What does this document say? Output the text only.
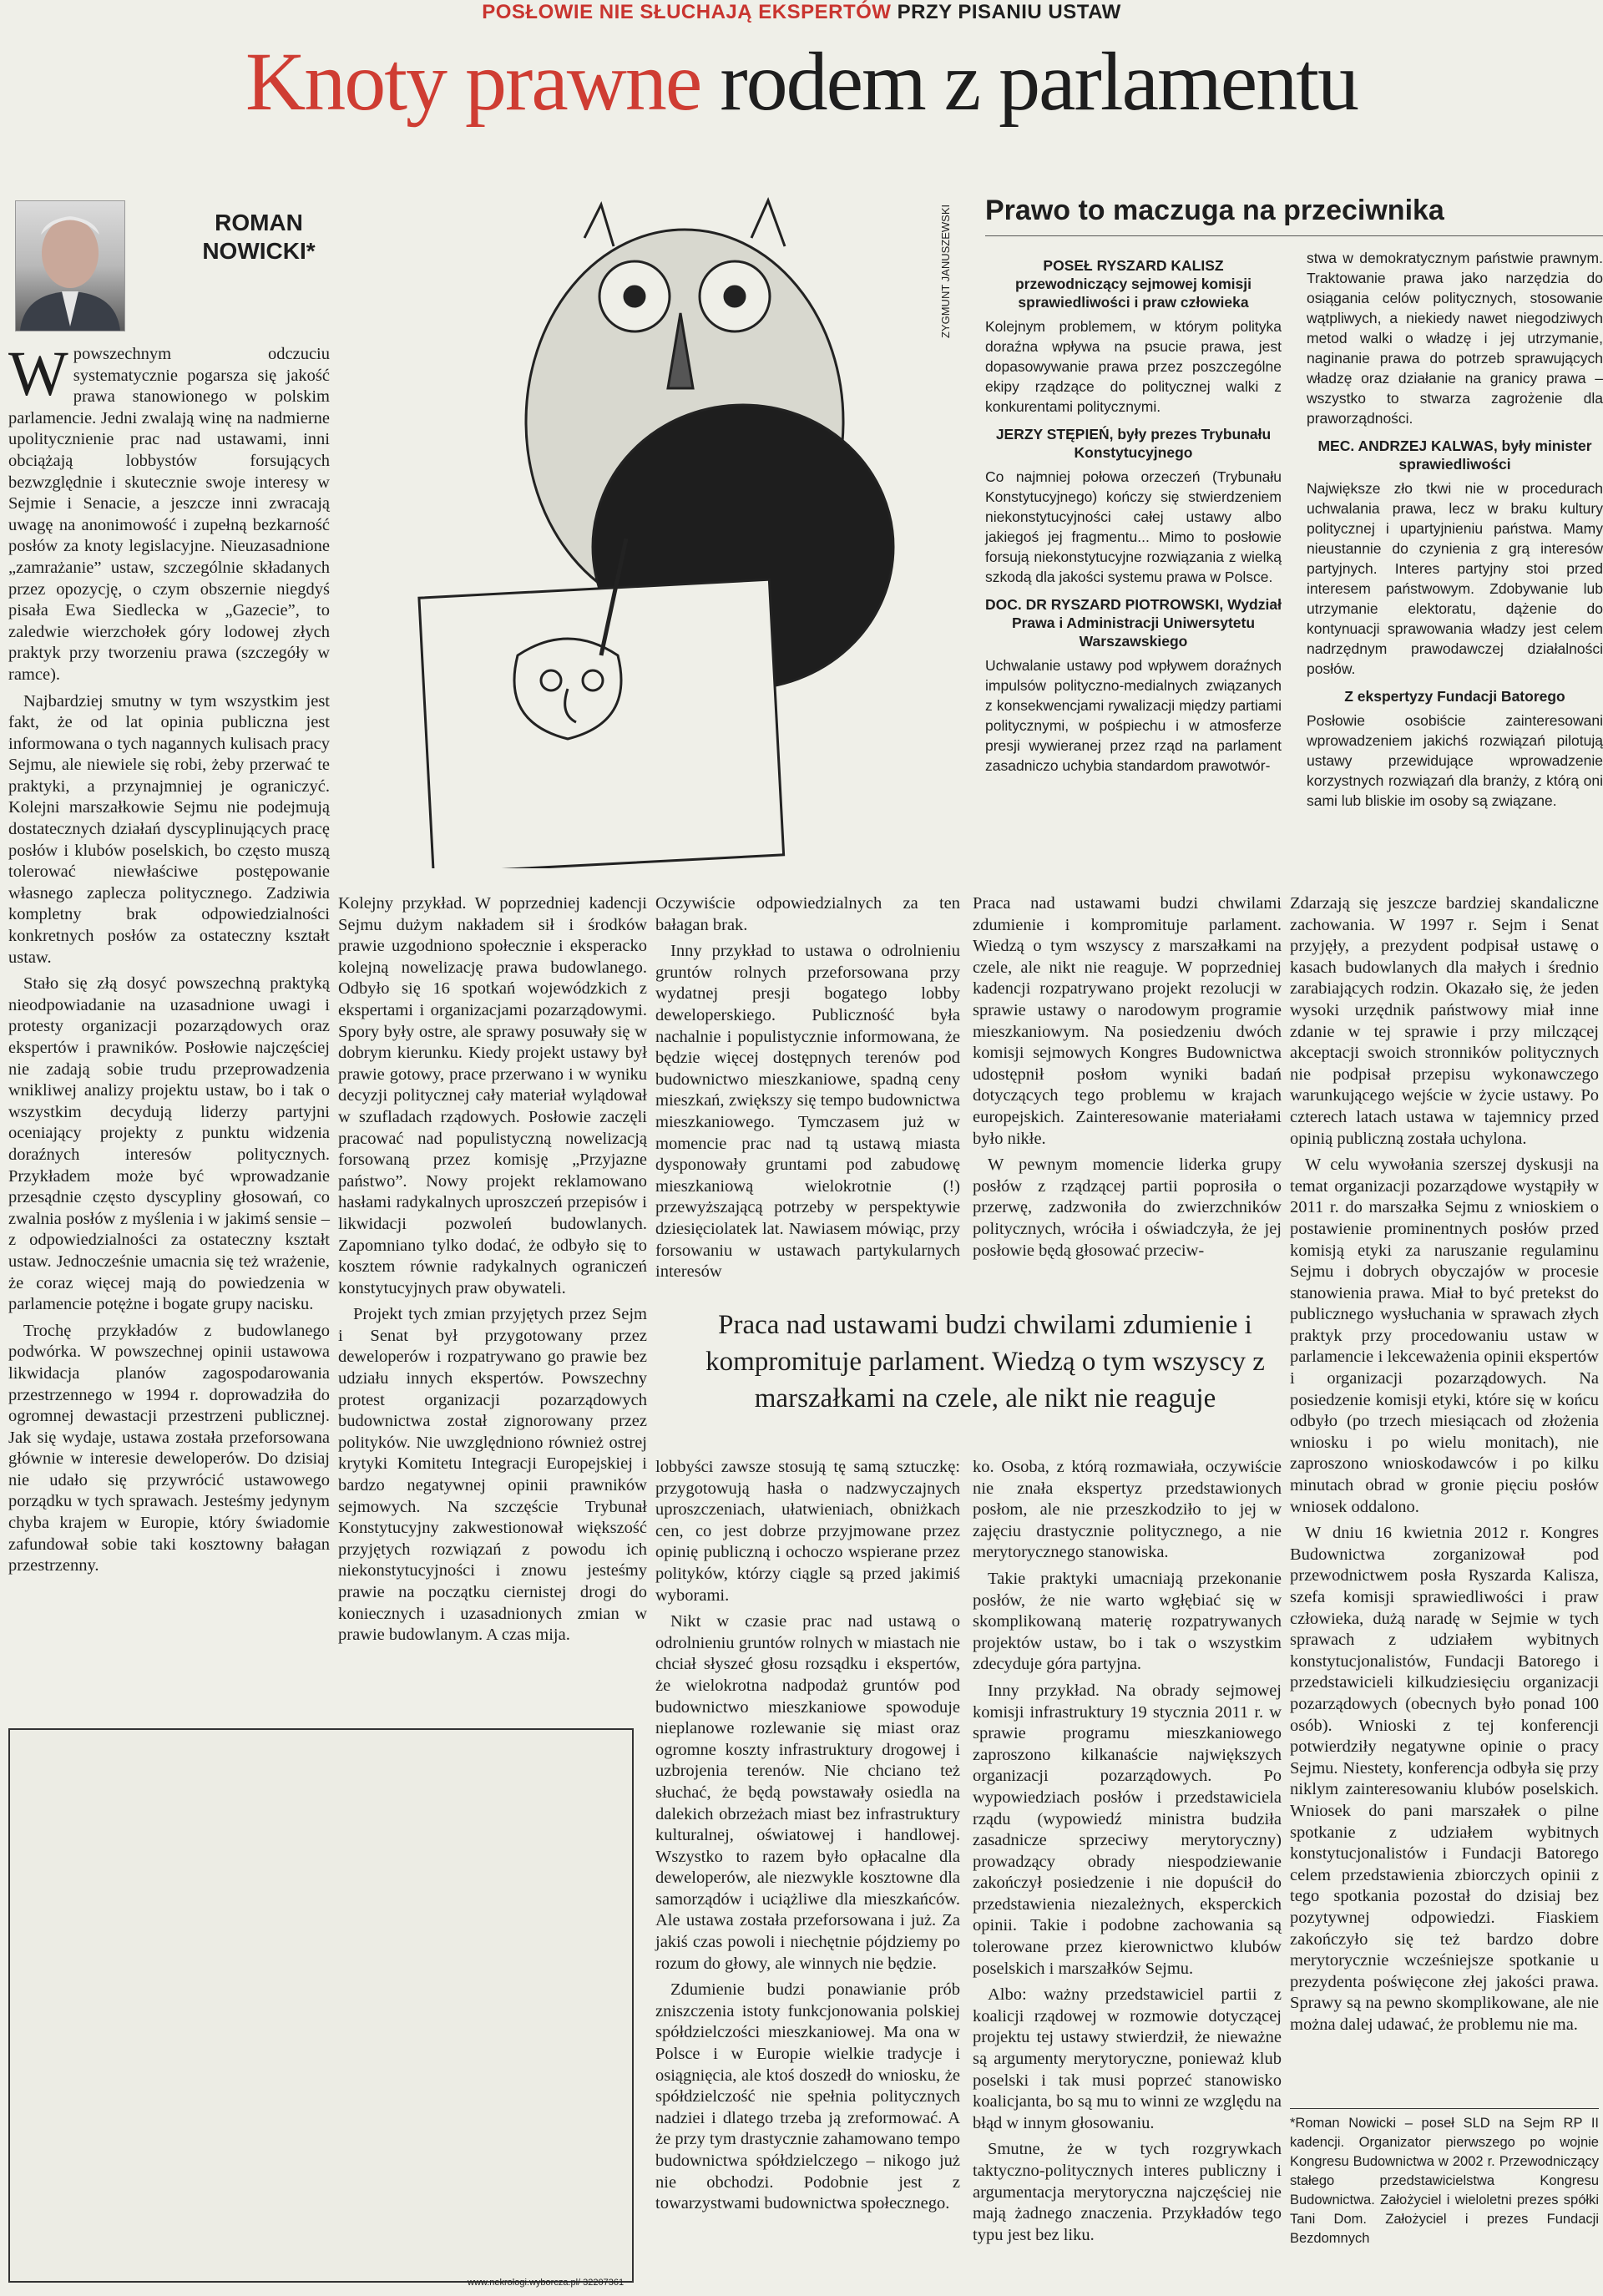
POSŁOWIE NIE SŁUCHAJĄ EKSPERTÓW PRZY PISANIU USTAW
Knoty prawne rodem z parlamentu
ROMAN NOWICKI*

Wpowszechnym odczuciu systematycznie pogarsza się jakość prawa stanowionego w polskim parlamencie. Jedni zwalają winę na nadmierne upolitycznienie prac nad ustawami, inni obciążają lobbystów forsujących bezwzględnie i skutecznie swoje interesy w Sejmie i Senacie, a jeszcze inni zwracają uwagę na anonimowość i zupełną bezkarność posłów za knoty legislacyjne. Nieuzasadnione „zamrażanie” ustaw, szczególnie składanych przez opozycję, o czym obszernie niegdyś pisała Ewa Siedlecka w „Gazecie”, to zaledwie wierzchołek góry lodowej złych praktyk przy tworzeniu prawa (szczegóły w ramce).

Najbardziej smutny w tym wszystkim jest fakt, że od lat opinia publiczna jest informowana o tych nagannych kulisach pracy Sejmu, ale niewiele się robi, żeby przerwać te praktyki, a przynajmniej je ograniczyć. Kolejni marszałkowie Sejmu nie podejmują dostatecznych działań dyscyplinujących pracę posłów i klubów poselskich, bo często muszą tolerować niewłaściwe postępowanie własnego zaplecza politycznego. Zadziwia kompletny brak odpowiedzialności konkretnych posłów za ostateczny kształt ustaw.

Stało się złą dosyć powszechną praktyką nieodpowiadanie na uzasadnione uwagi i protesty organizacji pozarządowych oraz ekspertów i prawników. Posłowie najczęściej nie zadają sobie trudu przeprowadzenia wnikliwej analizy projektu ustaw, bo i tak o wszystkim decydują liderzy partyjni oceniający projekty z punktu widzenia doraźnych interesów politycznych. Przykładem może być wprowadzanie przesądnie często dyscypliny głosowań, co zwalnia posłów z myślenia i w jakimś sensie – z odpowiedzialności za ostateczny kształt ustaw. Jednocześnie umacnia się też wrażenie, że coraz więcej mają do powiedzenia w parlamencie potężne i bogate grupy nacisku.

Trochę przykładów z budowlanego podwórka. W powszechnej opinii ustawowa likwidacja planów zagospodarowania przestrzennego w 1994 r. doprowadziła do ogromnej dewastacji przestrzeni publicznej. Jak się wydaje, ustawa została przeforsowana głównie w interesie deweloperów. Do dzisiaj nie udało się przywrócić ustawowego porządku w tych sprawach. Jesteśmy jedynym chyba krajem w Europie, który świadomie zafundował sobie taki kosztowny bałagan przestrzenny.

ZYGMUNT JANUSZEWSKI Prawo to maczuga na przeciwnika
POSEŁ RYSZARD KALISZ przewodniczący sejmowej komisji sprawiedliwości i praw człowieka

Kolejnym problemem, w którym polityka doraźna wpływa na psucie prawa, jest dopasowywanie prawa przez poszczególne ekipy rządzące do politycznej walki z konkurentami politycznymi.

JERZY STĘPIEŃ, były prezes Trybunału Konstytucyjnego

Co najmniej połowa orzeczeń (Trybunału Konstytucyjnego) kończy się stwierdzeniem niekonstytucyjności całej ustawy albo jakiegoś jej fragmentu... Mimo to posłowie forsują niekonstytucyjne rozwiązania z wielką szkodą dla jakości systemu prawa w Polsce.

DOC. DR RYSZARD PIOTROWSKI, Wydział Prawa i Administracji Uniwersytetu Warszawskiego

Uchwalanie ustawy pod wpływem doraźnych impulsów polityczno-medialnych związanych z konsekwencjami rywalizacji między partiami politycznymi, w pośpiechu i w atmosferze presji wywieranej przez rząd na parlament zasadniczo uchybia standardom prawotwór-

stwa w demokratycznym państwie prawnym. Traktowanie prawa jako narzędzia do osiągania celów politycznych, stosowanie wątpliwych, a niekiedy nawet niegodziwych metod walki o władzę i jej utrzymanie, naginanie prawa do potrzeb sprawujących władzę oraz działanie na granicy prawa – wszystko to stwarza zagrożenie dla praworządności.

MEC. ANDRZEJ KALWAS, były minister sprawiedliwości

Największe zło tkwi nie w procedurach uchwalania prawa, lecz w braku kultury politycznej i upartyjnieniu państwa. Mamy nieustannie do czynienia z grą interesów partyjnych. Interes partyjny stoi przed interesem państwowym. Zdobywanie lub utrzymanie elektoratu, dążenie do kontynuacji sprawowania władzy jest celem nadrzędnym prawodawczej działalności posłów.

Z ekspertyzy Fundacji Batorego

Posłowie osobiście zainteresowani wprowadzeniem jakichś rozwiązań pilotują ustawy przewidujące wprowadzenie korzystnych rozwiązań dla branży, z którą oni sami lub bliskie im osoby są związane.

Kolejny przykład. W poprzedniej kadencji Sejmu dużym nakładem sił i środków prawie uzgodniono społecznie i eksperacko kolejną nowelizację prawa budowlanego. Odbyło się 16 spotkań wojewódzkich z ekspertami i organizacjami pozarządowymi. Spory były ostre, ale sprawy posuwały się w dobrym kierunku. Kiedy projekt ustawy był prawie gotowy, prace przerwano i w wyniku decyzji politycznej cały materiał wylądował w szufladach rządowych. Posłowie zaczęli pracować nad populistyczną nowelizacją forsowaną przez komisję „Przyjazne państwo”. Nowy projekt reklamowano hasłami radykalnych uproszczeń przepisów i likwidacji pozwoleń budowlanych. Zapomniano tylko dodać, że odbyło się to kosztem równie radykalnych ograniczeń konstytucyjnych praw obywateli.

Projekt tych zmian przyjętych przez Sejm i Senat był przygotowany przez deweloperów i rozpatrywano go prawie bez udziału innych ekspertów. Powszechny protest organizacji pozarządowych budownictwa został zignorowany przez polityków. Nie uwzględniono również ostrej krytyki Komitetu Integracji Europejskiej i bardzo negatywnej opinii prawników sejmowych. Na szczęście Trybunał Konstytucyjny zakwestionował większość przyjętych rozwiązań z powodu ich niekonstytucyjności i znowu jesteśmy prawie na początku ciernistej drogi do koniecznych i uzasadnionych zmian w prawie budowlanym. A czas mija.

Oczywiście odpowiedzialnych za ten bałagan brak.

Inny przykład to ustawa o odrolnieniu gruntów rolnych przeforsowana przy wydatnej presji bogatego lobby deweloperskiego. Publiczność była nachalnie i populistycznie informowana, że będzie więcej dostępnych terenów pod budownictwo mieszkaniowe, spadną ceny mieszkań, zwiększy się tempo budownictwa mieszkaniowego. Tymczasem już w momencie prac nad tą ustawą miasta dysponowały gruntami pod zabudowę mieszkaniową wielokrotnie (!) przewyższającą potrzeby w perspektywie dziesięciolatek lat. Nawiasem mówiąc, przy forsowaniu w ustawach partykularnych interesów

Praca nad ustawami budzi chwilami zdumienie i kompromituje parlament. Wiedzą o tym wszyscy z marszałkami na czele, ale nikt nie reaguje. W poprzedniej kadencji rozpatrywano projekt rezolucji w sprawie ustawy o narodowym programie mieszkaniowym. Na posiedzeniu dwóch komisji sejmowych Kongres Budownictwa udostępnił posłom wyniki badań dotyczących tego problemu w krajach europejskich. Zainteresowanie materiałami było nikłe.

W pewnym momencie liderka grupy posłów z rządzącej partii poprosiła o przerwę, zadzwoniła do zwierzchników politycznych, wróciła i oświadczyła, że jej posłowie będą głosować przeciw-

Praca nad ustawami budzi chwilami zdumienie i kompromituje parlament. Wiedzą o tym wszyscy z marszałkami na czele, ale nikt nie reaguje

lobbyści zawsze stosują tę samą sztuczkę: przygotowują hasła o nadzwyczajnych uproszczeniach, ułatwieniach, obniżkach cen, co jest dobrze przyjmowane przez opinię publiczną i ochoczo wspierane przez polityków, którzy ciągle są przed jakimiś wyborami.

Nikt w czasie prac nad ustawą o odrolnieniu gruntów rolnych w miastach nie chciał słyszeć głosu rozsądku i ekspertów, że wielokrotna nadpodaż gruntów pod budownictwo mieszkaniowe spowoduje nieplanowe rozlewanie się miast oraz ogromne koszty infrastruktury drogowej i uzbrojenia terenów. Nie chciano też słuchać, że będą powstawały osiedla na dalekich obrzeżach miast bez infrastruktury kulturalnej, oświatowej i handlowej. Wszystko to razem było opłacalne dla deweloperów, ale niezwykle kosztowne dla samorządów i uciążliwe dla mieszkańców. Ale ustawa została przeforsowana i już. Za jakiś czas powoli i niechętnie pójdziemy po rozum do głowy, ale winnych nie będzie.

Zdumienie budzi ponawianie prób zniszczenia istoty funkcjonowania polskiej spółdzielczości mieszkaniowej. Ma ona w Polsce i w Europie wielkie tradycje i osiągnięcia, ale ktoś doszedł do wniosku, że spółdzielczość nie spełnia politycznych nadziei i dlatego trzeba ją zreformować. A że przy tym drastycznie zahamowano tempo budownictwa spółdzielczego – nikogo już nie obchodzi. Podobnie jest z towarzystwami budownictwa społecznego.

ko. Osoba, z którą rozmawiała, oczywiście nie znała ekspertyz przedstawionych posłom, ale nie przeszkodziło to jej w zajęciu drastycznie politycznego, a nie merytorycznego stanowiska.

Takie praktyki umacniają przekonanie posłów, że nie warto wgłębiać się w skomplikowaną materię rozpatrywanych projektów ustaw, bo i tak o wszystkim zdecyduje góra partyjna.

Inny przykład. Na obrady sejmowej komisji infrastruktury 19 stycznia 2011 r. w sprawie programu mieszkaniowego zaproszono kilkanaście największych organizacji pozarządowych. Po wypowiedziach posłów i przedstawiciela rządu (wypowiedź ministra budziła zasadnicze sprzeciwy merytoryczny) prowadzący obrady niespodziewanie zakończył posiedzenie i nie dopuścił do przedstawienia niezależnych, eksperckich opinii. Takie i podobne zachowania są tolerowane przez kierownictwo klubów poselskich i marszałków Sejmu.

Albo: ważny przedstawiciel partii z koalicji rządowej w rozmowie dotyczącej projektu tej ustawy stwierdził, że nieważne są argumenty merytoryczne, ponieważ klub poselski i tak musi poprzeć stanowisko koalicjanta, bo są mu to winni ze względu na błąd w innym głosowaniu.

Smutne, że w tych rozgrywkach taktyczno-politycznych interes publiczny i argumentacja merytoryczna najczęściej nie mają żadnego znaczenia. Przykładów tego typu jest bez liku.

Zdarzają się jeszcze bardziej skandaliczne zachowania. W 1997 r. Sejm i Senat przyjęły, a prezydent podpisał ustawę o kasach budowlanych dla małych i średnio zarabiających rodzin. Okazało się, że jeden wysoki urzędnik państwowy miał inne zdanie w tej sprawie i przy milczącej akceptacji swoich stronników politycznych nie podpisał przepisu wykonawczego warunkującego wejście w życie ustawy. Po czterech latach ustawa w tajemnicy przed opinią publiczną została uchylona.

W celu wywołania szerszej dyskusji na temat organizacji pozarządowe wystąpiły w 2011 r. do marszałka Sejmu z wnioskiem o postawienie prominentnych posłów przed komisją etyki za naruszanie regulaminu Sejmu i dobrych obyczajów w procesie stanowienia prawa. Miał to być pretekst do publicznego wysłuchania w sprawach złych praktyk przy procedowaniu ustaw w parlamencie i lekceważenia opinii ekspertów i organizacji pozarządowych. Na posiedzenie komisji etyki, które się w końcu odbyło (po trzech miesiącach od złożenia wniosku i po wielu monitach), nie zaproszono wnioskodawców i po kilku minutach obrad w gronie pięciu posłów wniosek oddalono.

W dniu 16 kwietnia 2012 r. Kongres Budownictwa zorganizował pod przewodnictwem posła Ryszarda Kalisza, szefa komisji sprawiedliwości i praw człowieka, dużą naradę w Sejmie w tych sprawach z udziałem wybitnych konstytucjonalistów, Fundacji Batorego i przedstawicieli kilkudziesięciu organizacji pozarządowych (obecnych było ponad 100 osób). Wnioski z tej konferencji potwierdziły negatywne opinie o pracy Sejmu. Niestety, konferencja odbyła się przy niklym zainteresowaniu klubów poselskich. Wniosek do pani marszałek o pilne spotkanie z udziałem wybitnych konstytucjonalistów i Fundacji Batorego celem przedstawienia zbiorczych opinii z tego spotkania pozostał do dzisiaj bez pozytywnej odpowiedzi. Fiaskiem zakończyło się też bardzo dobre merytorycznie wcześniejsze spotkanie u prezydenta poświęcone złej jakości prawa. Sprawy są na pewno skomplikowane, ale nie można dalej udawać, że problemu nie ma.

www.nekrologi.wyborcza.pl/ 32207361
*Roman Nowicki – poseł SLD na Sejm RP II kadencji. Organizator pierwszego po wojnie Kongresu Budownictwa w 2002 r. Przewodniczący stałego przedstawicielstwa Kongresu Budownictwa. Założyciel i wieloletni prezes spółki Tani Dom. Założyciel i prezes Fundacji Bezdomnych
